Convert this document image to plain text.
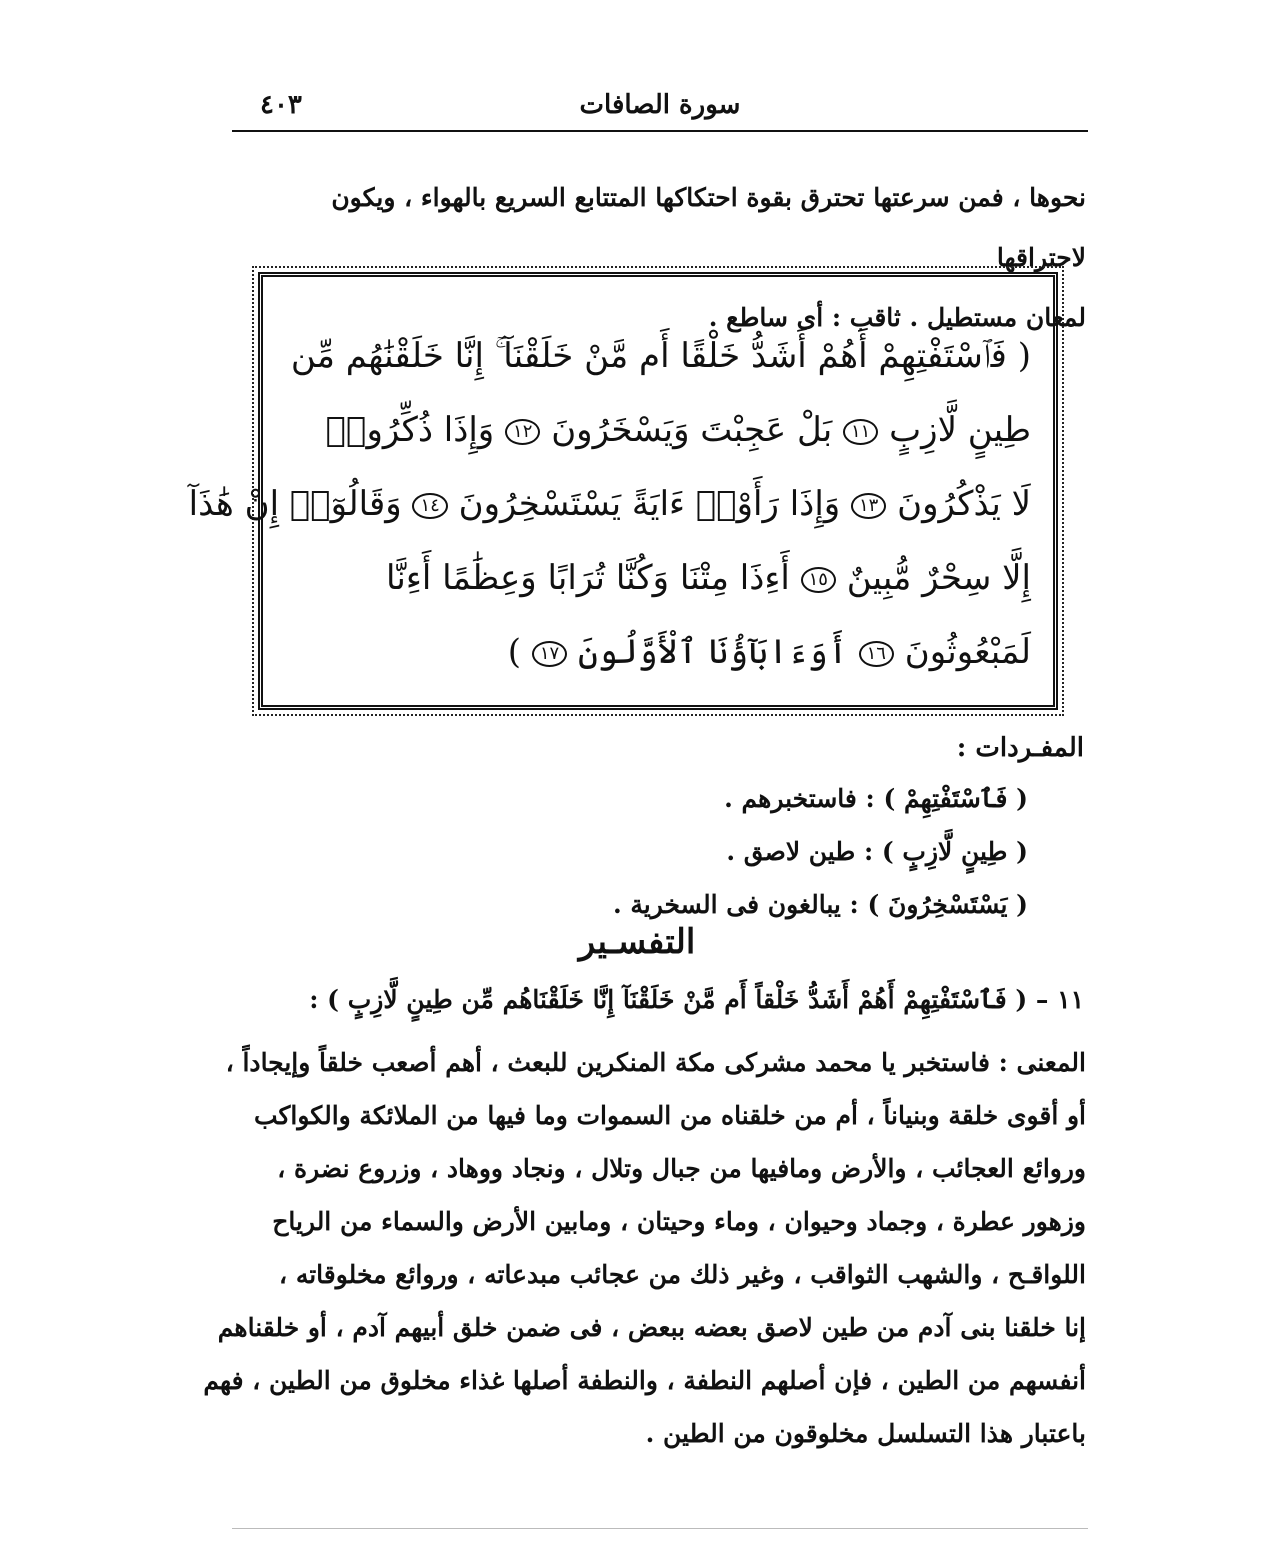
سورة الصافات
٤٠٣

نحوها ، فمن سرعتها تحترق بقوة احتكاكها المتتابع السريع بالهواء ، ويكون لاحتراقها

لمعان مستطيل . ثاقب : أى ساطع .

( فَٱسْتَفْتِهِمْ أَهُمْ أَشَدُّ خَلْقًا أَم مَّنْ خَلَقْنَآ ۚ إِنَّا خَلَقْنَٰهُم مِّن

طِينٍ لَّازِبٍ ١١ بَلْ عَجِبْتَ وَيَسْخَرُونَ ١٢ وَإِذَا ذُكِّرُوا۟

لَا يَذْكُرُونَ ١٣ وَإِذَا رَأَوْا۟ ءَايَةً يَسْتَسْخِرُونَ ١٤ وَقَالُوٓا۟ إِنْ هَٰذَآ

إِلَّا سِحْرٌ مُّبِينٌ ١٥ أَءِذَا مِتْنَا وَكُنَّا تُرَابًا وَعِظَٰمًا أَءِنَّا

لَمَبْعُوثُونَ ١٦ أَوَءَابَآؤُنَا ٱلْأَوَّلُونَ ١٧ )

المفـردات :

( فَٱسْتَفْتِهِمْ ) : فاستخبرهم .

( طِينٍ لَّازِبٍ ) : طين لاصق .

( يَسْتَسْخِرُونَ ) : يبالغون فى السخرية .

التفسـير
١١ – ( فَٱسْتَفْتِهِمْ أَهُمْ أَشَدُّ خَلْقاً أَم مَّنْ خَلَقْنَآ إِنَّا خَلَقْنَاهُم مِّن طِينٍ لَّازِبٍ ) :

المعنى : فاستخبر يا محمد مشركى مكة المنكرين للبعث ، أهم أصعب خلقاً وإيجاداً ،

أو أقوى خلقة وبنياناً ، أم من خلقناه من السموات وما فيها من الملائكة والكواكب

وروائع العجائب ، والأرض ومافيها من جبال وتلال ، ونجاد ووهاد ، وزروع نضرة ،

وزهور عطرة ، وجماد وحيوان ، وماء وحيتان ، ومابين الأرض والسماء من الرياح

اللواقـح ، والشهب الثواقب ، وغير ذلك من عجائب مبدعاته ، وروائع مخلوقاته ،

إنا خلقنا بنى آدم من طين لاصق بعضه ببعض ، فى ضمن خلق أبيهم آدم ، أو خلقناهم

أنفسهم من الطين ، فإن أصلهم النطفة ، والنطفة أصلها غذاء مخلوق من الطين ، فهم

باعتبار هذا التسلسل مخلوقون من الطين .
